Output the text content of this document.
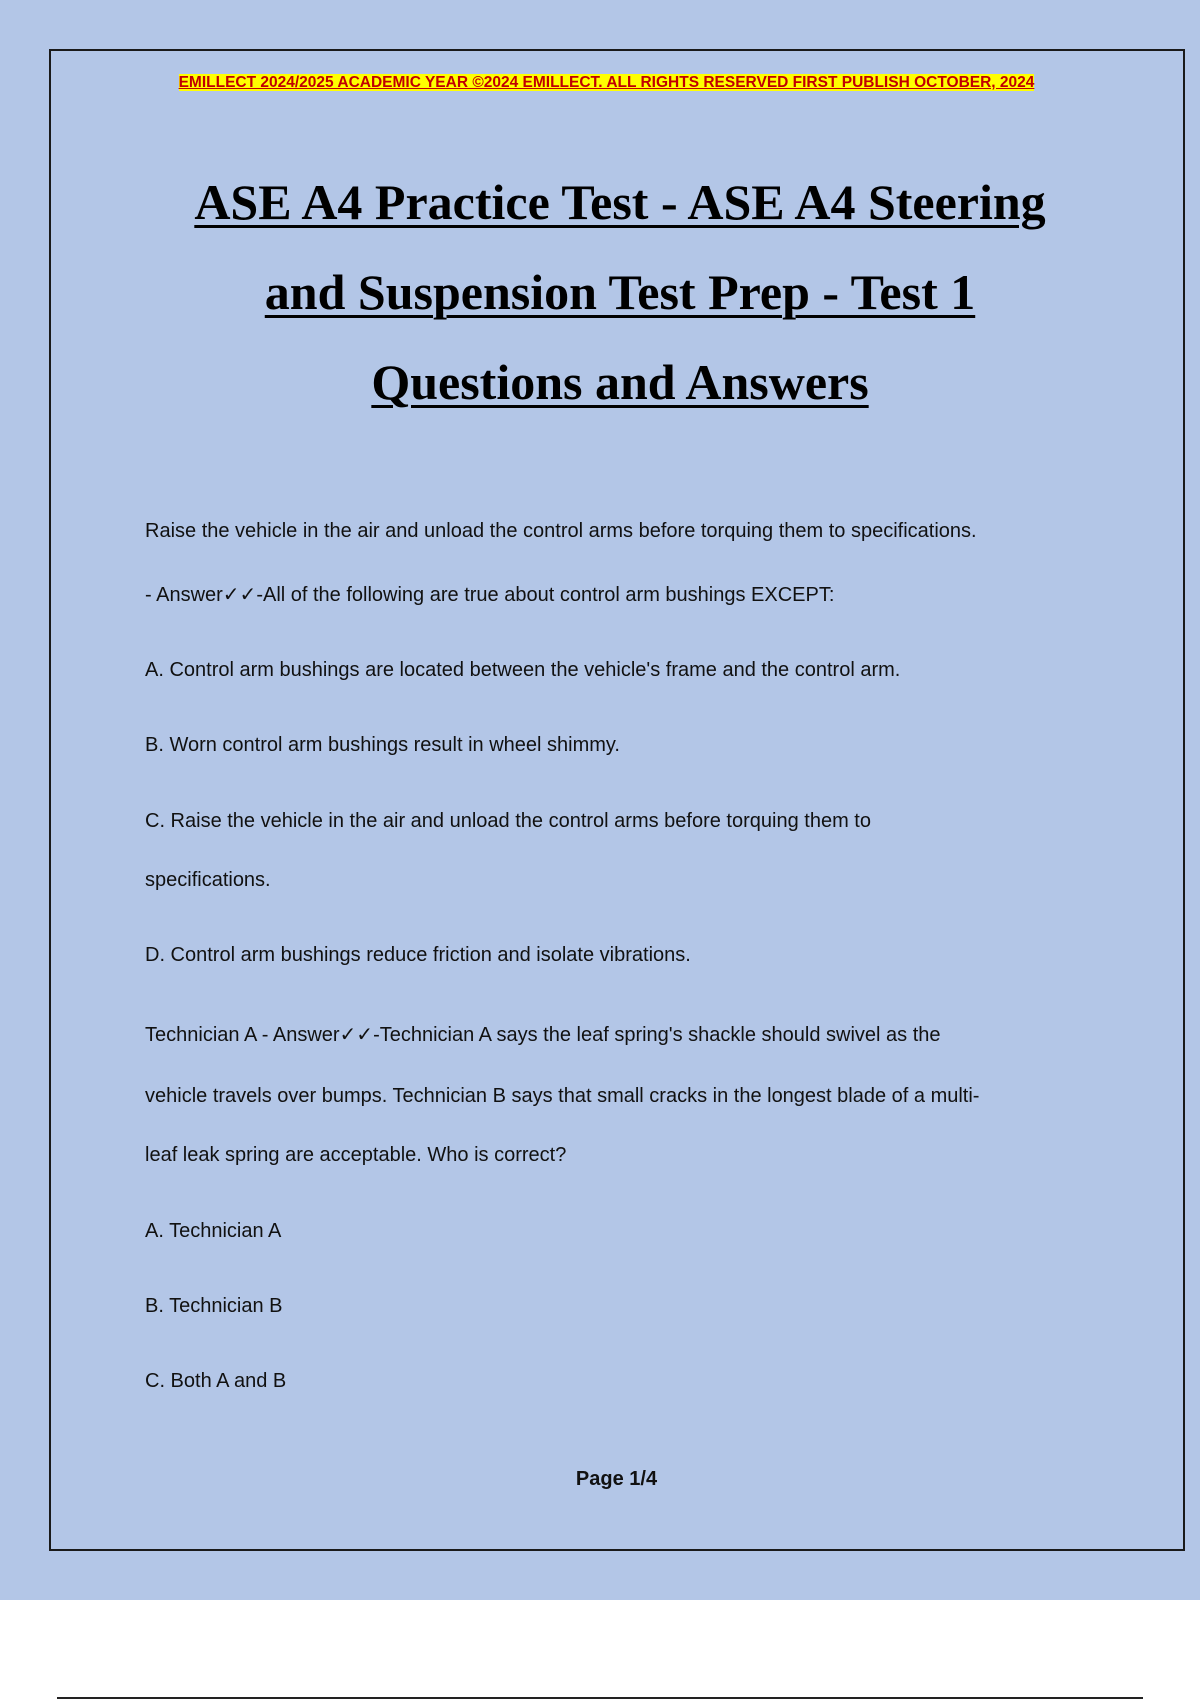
EMILLECT 2024/2025 ACADEMIC YEAR ©2024 EMILLECT. ALL RIGHTS RESERVED FIRST PUBLISH OCTOBER, 2024
ASE A4 Practice Test - ASE A4 Steering
and Suspension Test Prep - Test 1
Questions and Answers
Raise the vehicle in the air and unload the control arms before torquing them to specifications.
- Answer✓✓-All of the following are true about control arm bushings EXCEPT:
A. Control arm bushings are located between the vehicle's frame and the control arm.
B. Worn control arm bushings result in wheel shimmy.
C. Raise the vehicle in the air and unload the control arms before torquing them to
specifications.
D. Control arm bushings reduce friction and isolate vibrations.
Technician A - Answer✓✓-Technician A says the leaf spring's shackle should swivel as the
vehicle travels over bumps. Technician B says that small cracks in the longest blade of a multi-
leaf leak spring are acceptable. Who is correct?
A. Technician A
B. Technician B
C. Both A and B
Page 1/4
